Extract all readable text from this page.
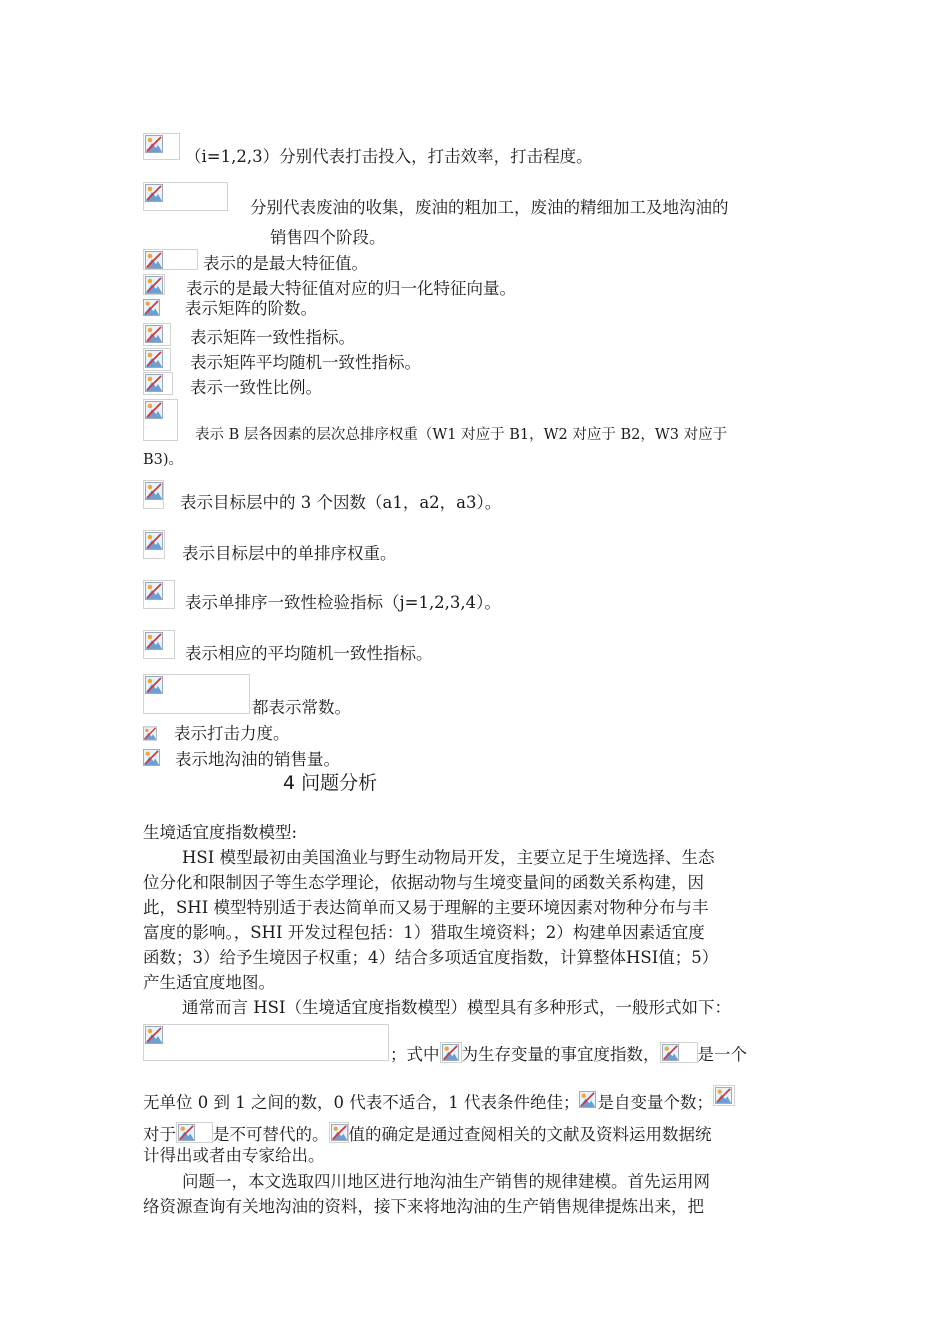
（i=1,2,3）分别代表打击投入，打击效率，打击程度。
分别代表废油的收集，废油的粗加工，废油的精细加工及地沟油的
销售四个阶段。
表示的是最大特征值。
表示的是最大特征值对应的归一化特征向量。
表示矩阵的阶数。
表示矩阵一致性指标。
表示矩阵平均随机一致性指标。
表示一致性比例。
表示 B 层各因素的层次总排序权重（W1 对应于 B1，W2 对应于 B2，W3 对应于
B3)。
表示目标层中的 3 个因数（a1，a2，a3）。
表示目标层中的单排序权重。
表示单排序一致性检验指标（j=1,2,3,4）。
表示相应的平均随机一致性指标。
都表示常数。
表示打击力度。
表示地沟油的销售量。
4 问题分析
生境适宜度指数模型:
HSI 模型最初由美国渔业与野生动物局开发，主要立足于生境选择、生态
位分化和限制因子等生态学理论，依据动物与生境变量间的函数关系构建，因
此，SHI 模型特别适于表达简单而又易于理解的主要环境因素对物种分布与丰
富度的影响。，SHI 开发过程包括：1）猎取生境资料；2）构建单因素适宜度
函数；3）给予生境因子权重；4）结合多项适宜度指数，计算整体HSI值；5）
产生适宜度地图。
通常而言 HSI（生境适宜度指数模型）模型具有多种形式，一般形式如下：
；式中 为生存变量的事宜度指数， 是一个
无单位 0 到 1 之间的数，0 代表不适合，1 代表条件绝佳； 是自变量个数；
对于 是不可替代的。 值的确定是通过查阅相关的文献及资料运用数据统
计得出或者由专家给出。
问题一，本文选取四川地区进行地沟油生产销售的规律建模。首先运用网
络资源查询有关地沟油的资料，接下来将地沟油的生产销售规律提炼出来，把
